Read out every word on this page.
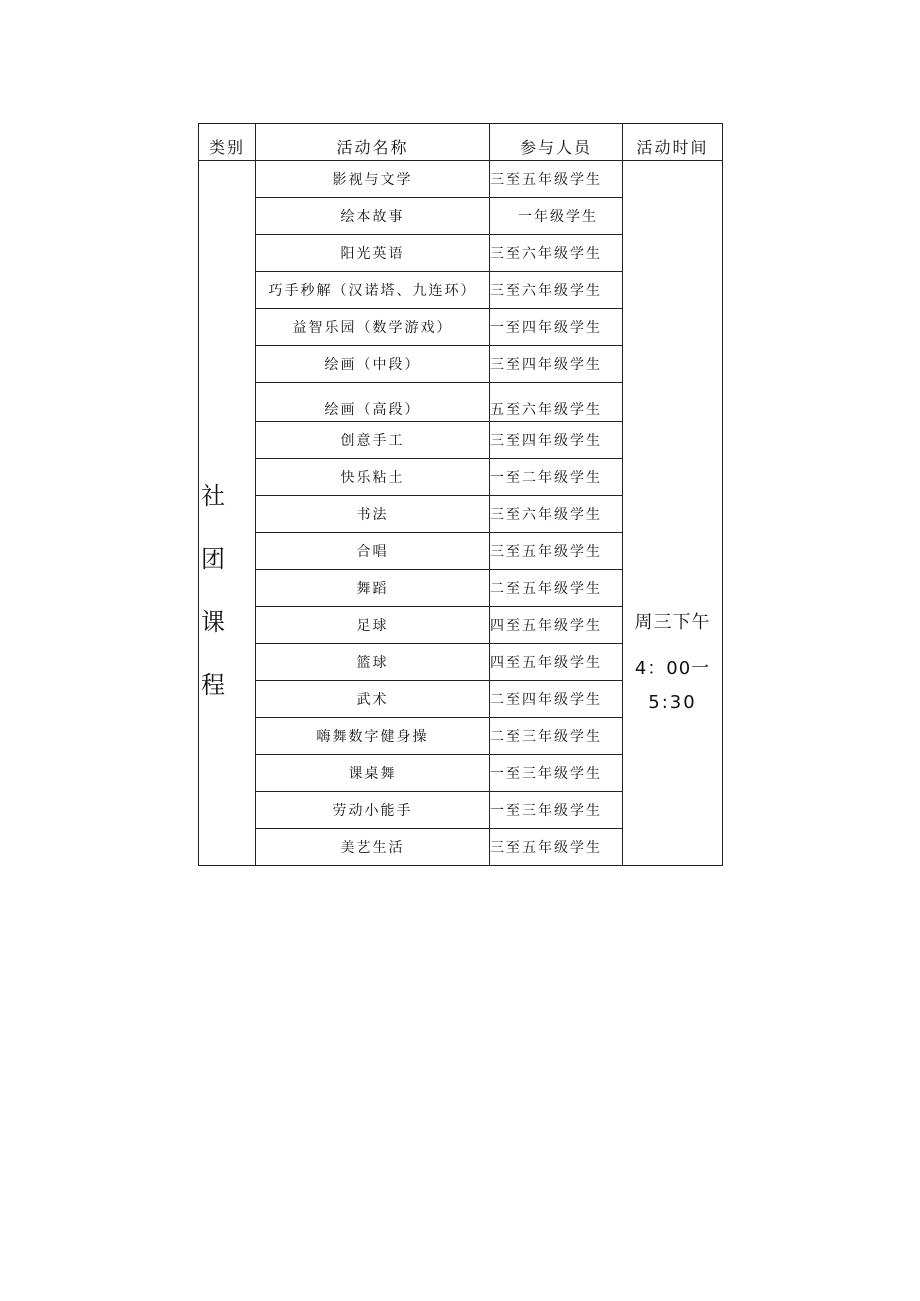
类别	活动名称	参与人员	活动时间

社团课程	影视与文学	三至五年级学生	周三下午
4：00一
5:30

	绘本故事	一年级学生	
	阳光英语	三至六年级学生	
	巧手秒解（汉诺塔、九连环）	三至六年级学生	
	益智乐园（数学游戏）	一至四年级学生	
	绘画（中段）	三至四年级学生	
	绘画（高段）	五至六年级学生	
	创意手工	三至四年级学生	
	快乐粘土	一至二年级学生	
	书法	三至六年级学生	
	合唱	三至五年级学生	
	舞蹈	二至五年级学生	
	足球	四至五年级学生	
	篮球	四至五年级学生	
	武术	二至四年级学生	
	嗨舞数字健身操	二至三年级学生	
	课桌舞	一至三年级学生	
	劳动小能手	一至三年级学生	
	美艺生活	三至五年级学生	
